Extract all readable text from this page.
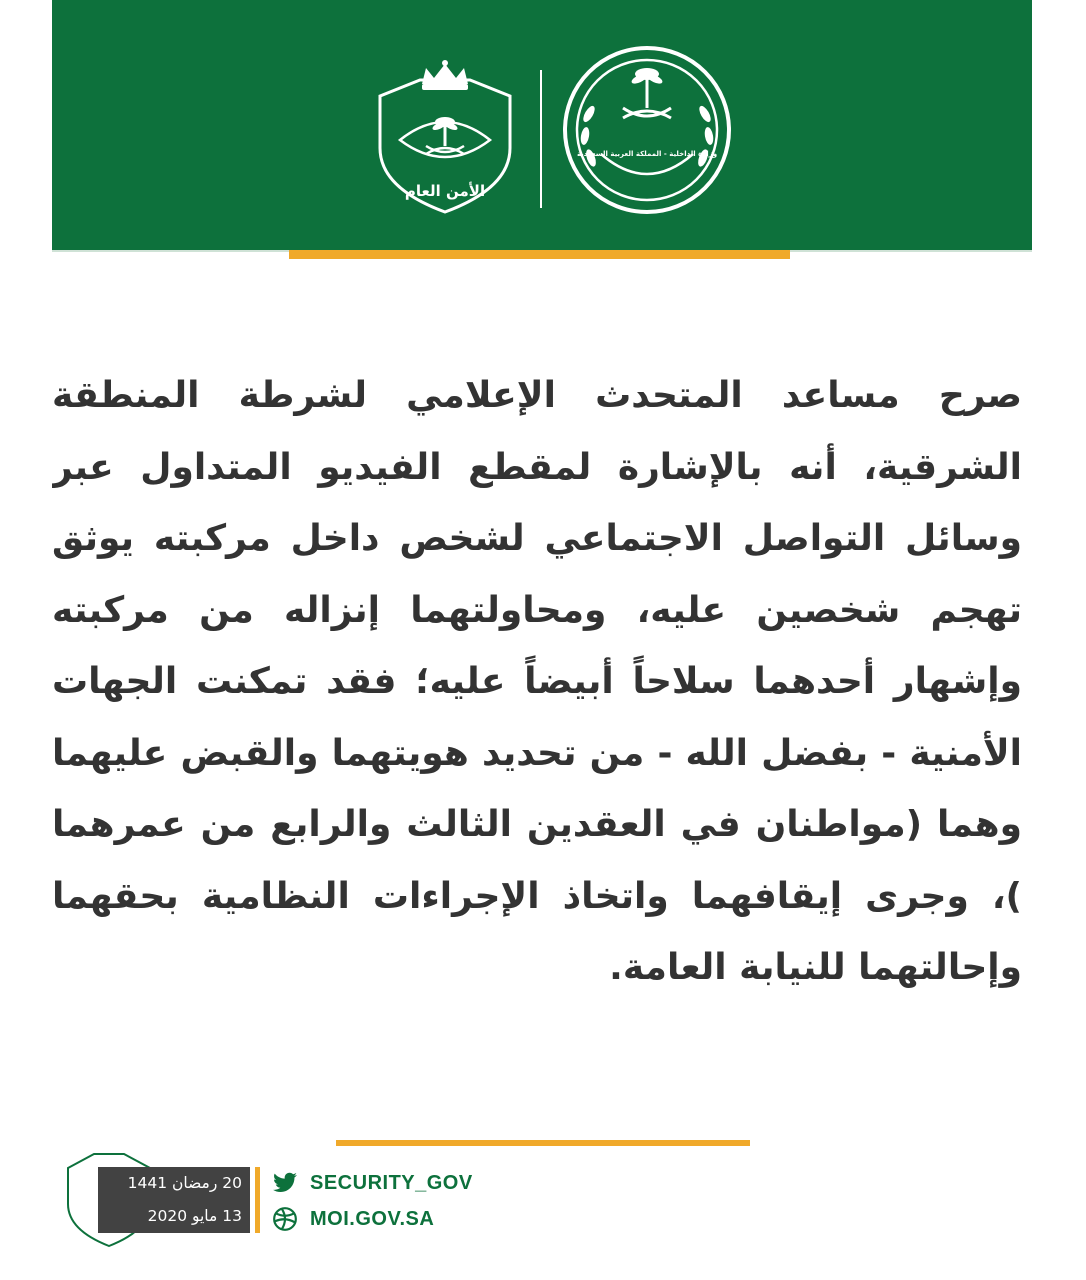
الأمن العام
وزارة الداخلية - المملكة العربية السعودية

صرح مساعد المتحدث الإعلامي لشرطة المنطقة الشرقية، أنه بالإشارة لمقطع الفيديو المتداول عبر وسائل التواصل الاجتماعي لشخص داخل مركبته يوثق تهجم شخصين عليه، ومحاولتهما إنزاله من مركبته وإشهار أحدهما سلاحاً أبيضاً عليه؛ فقد تمكنت الجهات الأمنية - بفضل الله - من تحديد هويتهما والقبض عليهما وهما (مواطنان في العقدين الثالث والرابع من عمرهما )، وجرى إيقافهما واتخاذ الإجراءات النظامية بحقهما وإحالتهما للنيابة العامة.

20 رمضان 1441
13 مايو 2020
SECURITY_GOV
MOI.GOV.SA
